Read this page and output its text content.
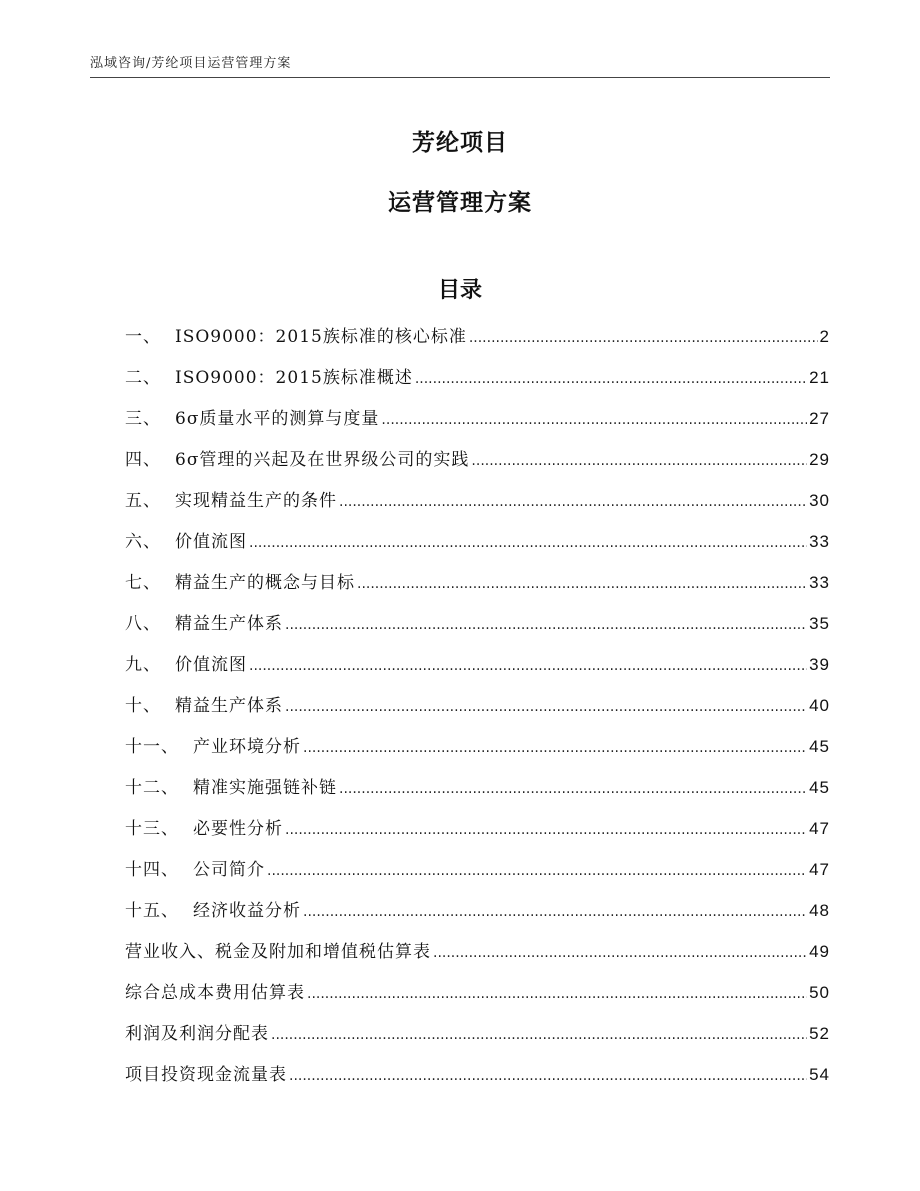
泓域咨询/芳纶项目运营管理方案
芳纶项目
运营管理方案
目录
一、 ISO9000：2015族标准的核心标准 .....	2
二、 ISO9000：2015族标准概述 .....	21
三、 6σ质量水平的测算与度量 .....	27
四、 6σ管理的兴起及在世界级公司的实践 .....	29
五、 实现精益生产的条件 .....	30
六、 价值流图 .....	33
七、 精益生产的概念与目标 .....	33
八、 精益生产体系 .....	35
九、 价值流图 .....	39
十、 精益生产体系 .....	40
十一、 产业环境分析 .....	45
十二、 精准实施强链补链 .....	45
十三、 必要性分析 .....	47
十四、 公司简介 .....	47
十五、 经济收益分析 .....	48
营业收入、税金及附加和增值税估算表 .....	49
综合总成本费用估算表 .....	50
利润及利润分配表 .....	52
项目投资现金流量表 .....	54
